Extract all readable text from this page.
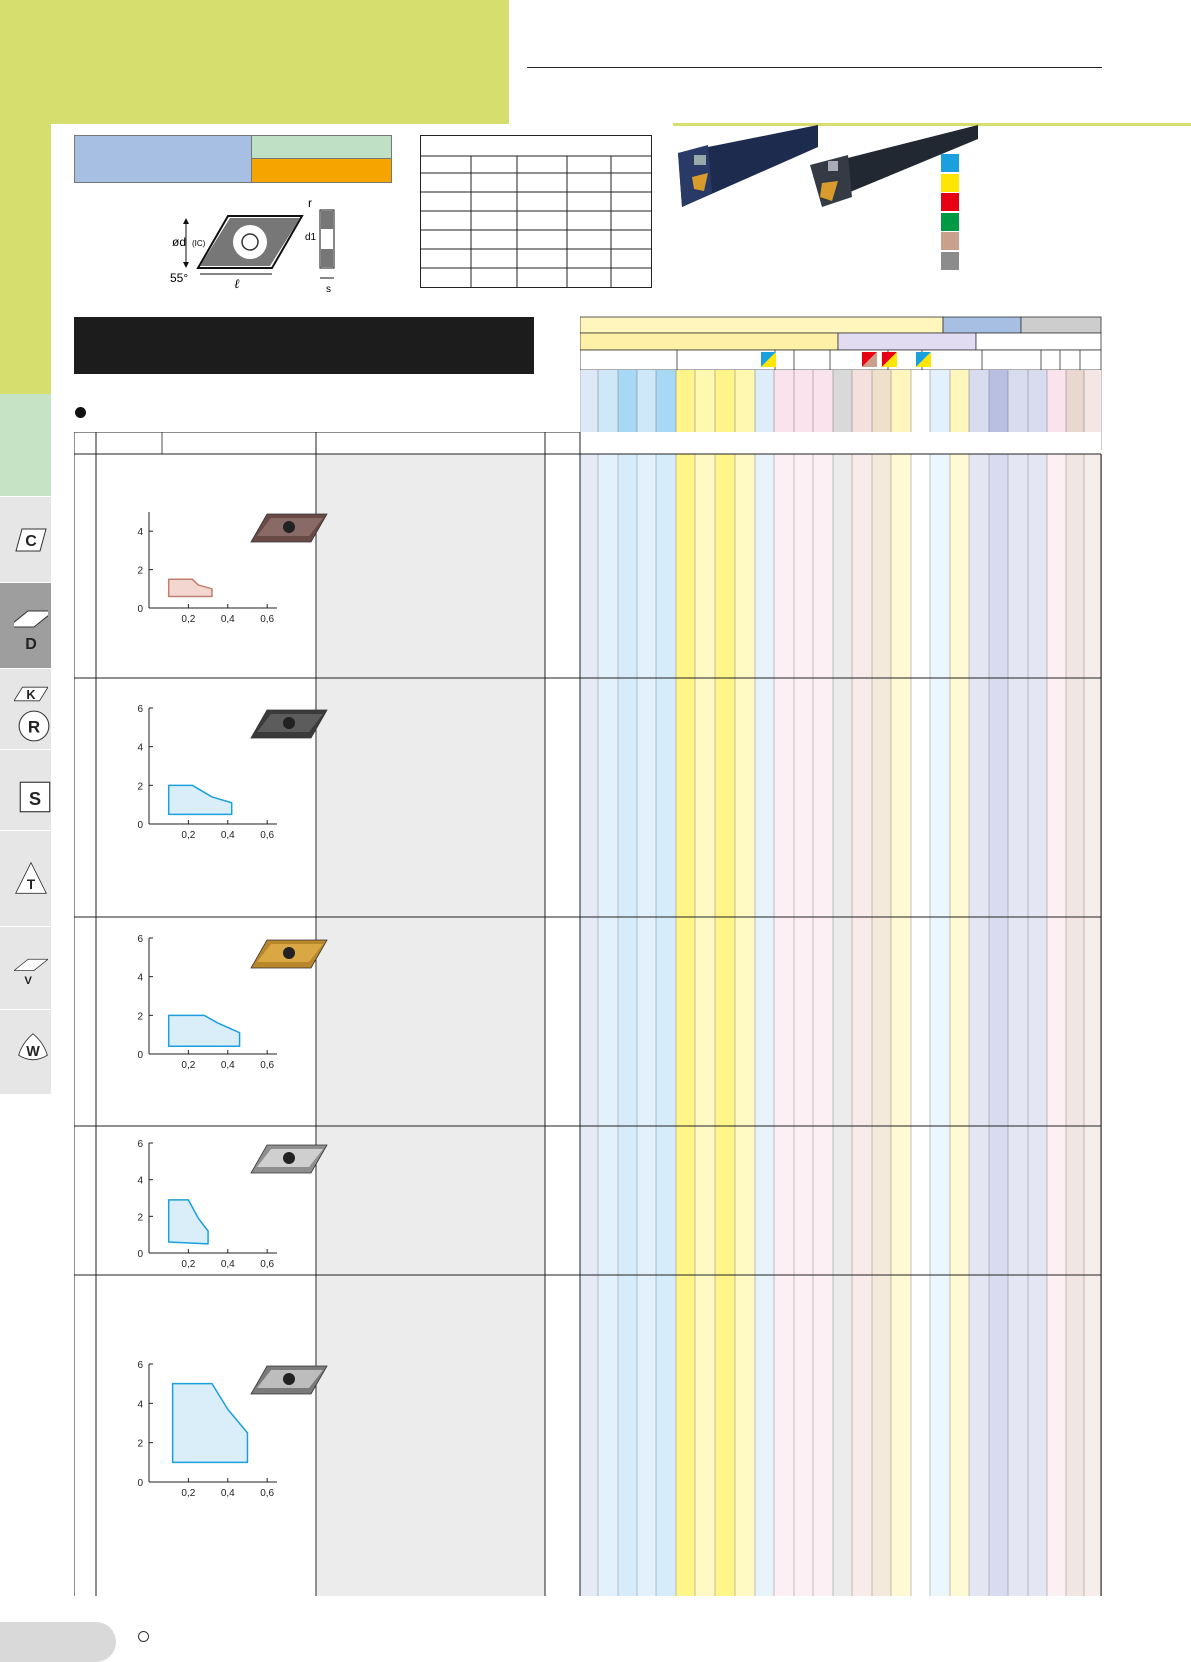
C
D
K
R
S
T
V
W
ød (IC)
55°	ℓ
r
d1
s
0
2
4
0,2	0,4	0,6
0
2
4
6
0,2	0,4	0,6
0
2
4
6
0,2	0,4	0,6
0
2
4
6
0,2	0,4	0,6
0
2
4
6
0,2	0,4	0,6
